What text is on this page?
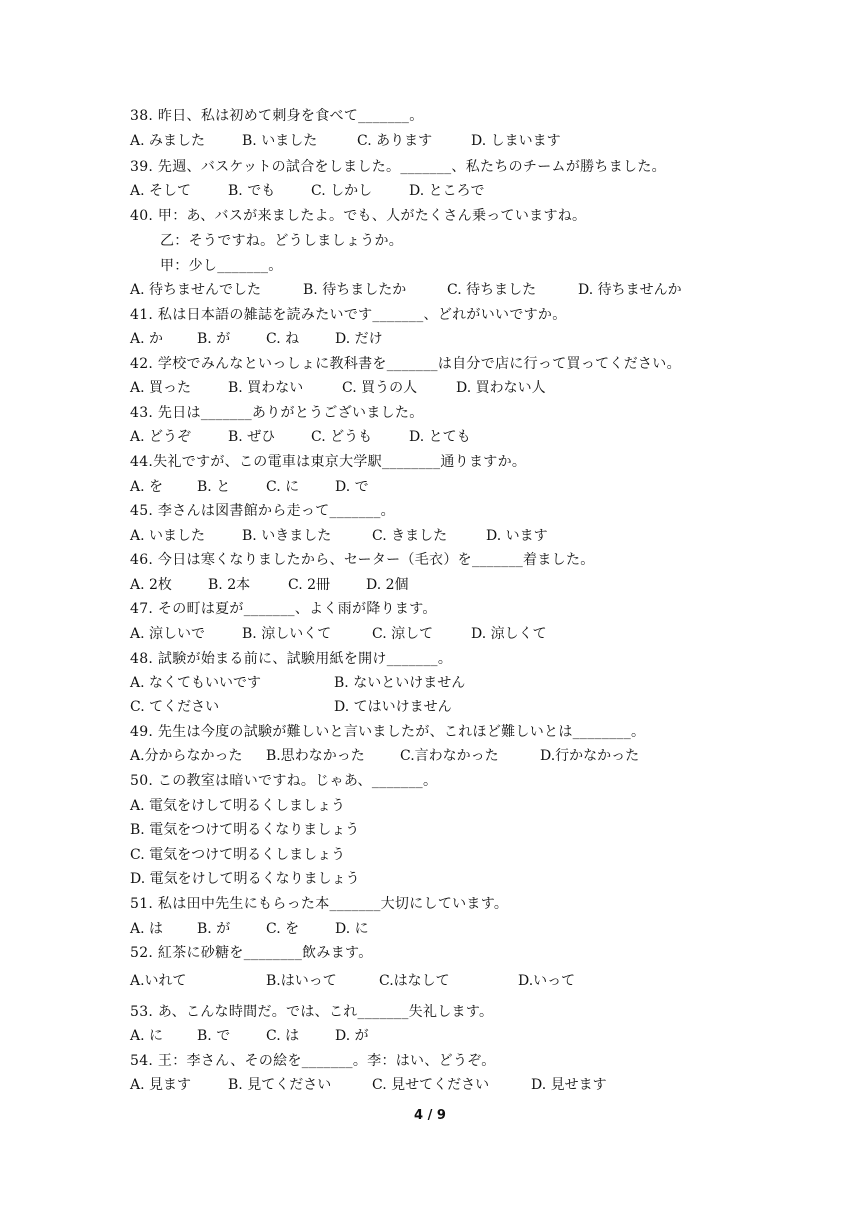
38. 昨日、私は初めて刺身を食べて_______。
A. みました	B. いました	C. あります	D. しまいます
39. 先週、バスケットの試合をしました。_______、私たちのチームが勝ちました。
A. そして	B. でも	C. しかし	D. ところで
40. 甲：あ、バスが来ましたよ。でも、人がたくさん乗っていますね。
乙：そうですね。どうしましょうか。
甲：少し_______。
A. 待ちませんでした	B. 待ちましたか	C. 待ちました	D. 待ちませんか
41. 私は日本語の雑誌を読みたいです_______、どれがいいですか。
A. か B. が	C. ね	D. だけ
42. 学校でみんなといっしょに教科書を_______は自分で店に行って買ってください。
A. 買った	B. 買わない	C. 買うの人	D. 買わない人
43. 先日は_______ありがとうございました。
A. どうぞ	B. ぜひ	C. どうも	D. とても
44.失礼ですが、この電車は東京大学駅________通りますか。
A. を B. と	C. に	D. で
45. 李さんは図書館から走って_______。
A. いました	B. いきました	C. きました	D. います
46. 今日は寒くなりましたから、セーター（毛衣）を_______着ました。
A. 2枚	B. 2本	C. 2冊	D. 2個
47. その町は夏が_______、よく雨が降ります。
A. 涼しいで	B. 涼しいくて	C. 涼して	D. 涼しくて
48. 試験が始まる前に、試験用紙を開け_______。
A. なくてもいいです	B. ないといけません
C. てください	D. てはいけません
49. 先生は今度の試験が難しいと言いましたが、これほど難しいとは________。
A.分からなかった B.思わなかった	C.言わなかった	D.行かなかった
50. この教室は暗いですね。じゃあ、_______。
A. 電気をけして明るくしましょう
B. 電気をつけて明るくなりましょう
C. 電気をつけて明るくしましょう
D. 電気をけして明るくなりましょう
51. 私は田中先生にもらった本_______大切にしています。
A. は B. が	C. を	D. に
52. 紅茶に砂糖を________飲みます。
A.いれて	B.はいって	C.はなして	D.いって
53. あ、こんな時間だ。では、これ_______失礼します。
A. に B. で	C. は	D. が
54. 王：李さん、その絵を_______。李：はい、どうぞ。
A. 見ます	B. 見てください	C. 見せてください	D. 見せます
4 / 9
